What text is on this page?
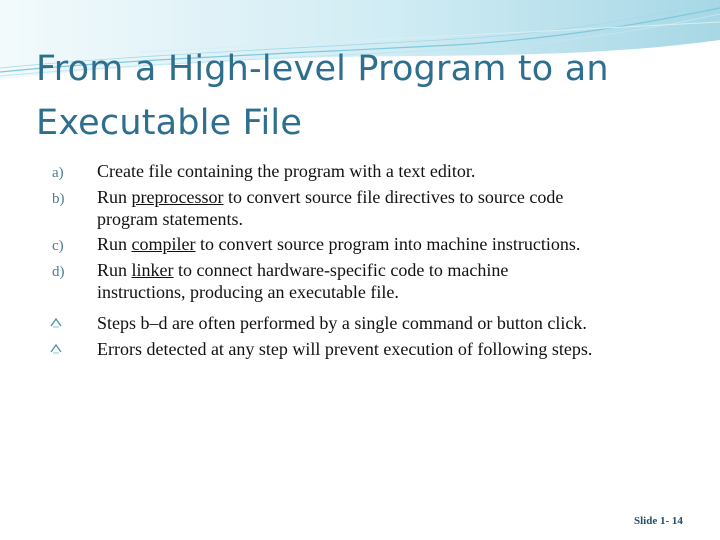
From a High-level Program to an
Executable File
a) Create file containing the program with a text editor.
b) Run preprocessor to convert source file directives to source code
program statements.
c) Run compiler to convert source program into machine instructions.
d) Run linker to connect hardware-specific code to machine
instructions, producing an executable file.
Steps b–d are often performed by a single command or button click.
Errors detected at any step will prevent execution of following steps.
Slide 1- 14
